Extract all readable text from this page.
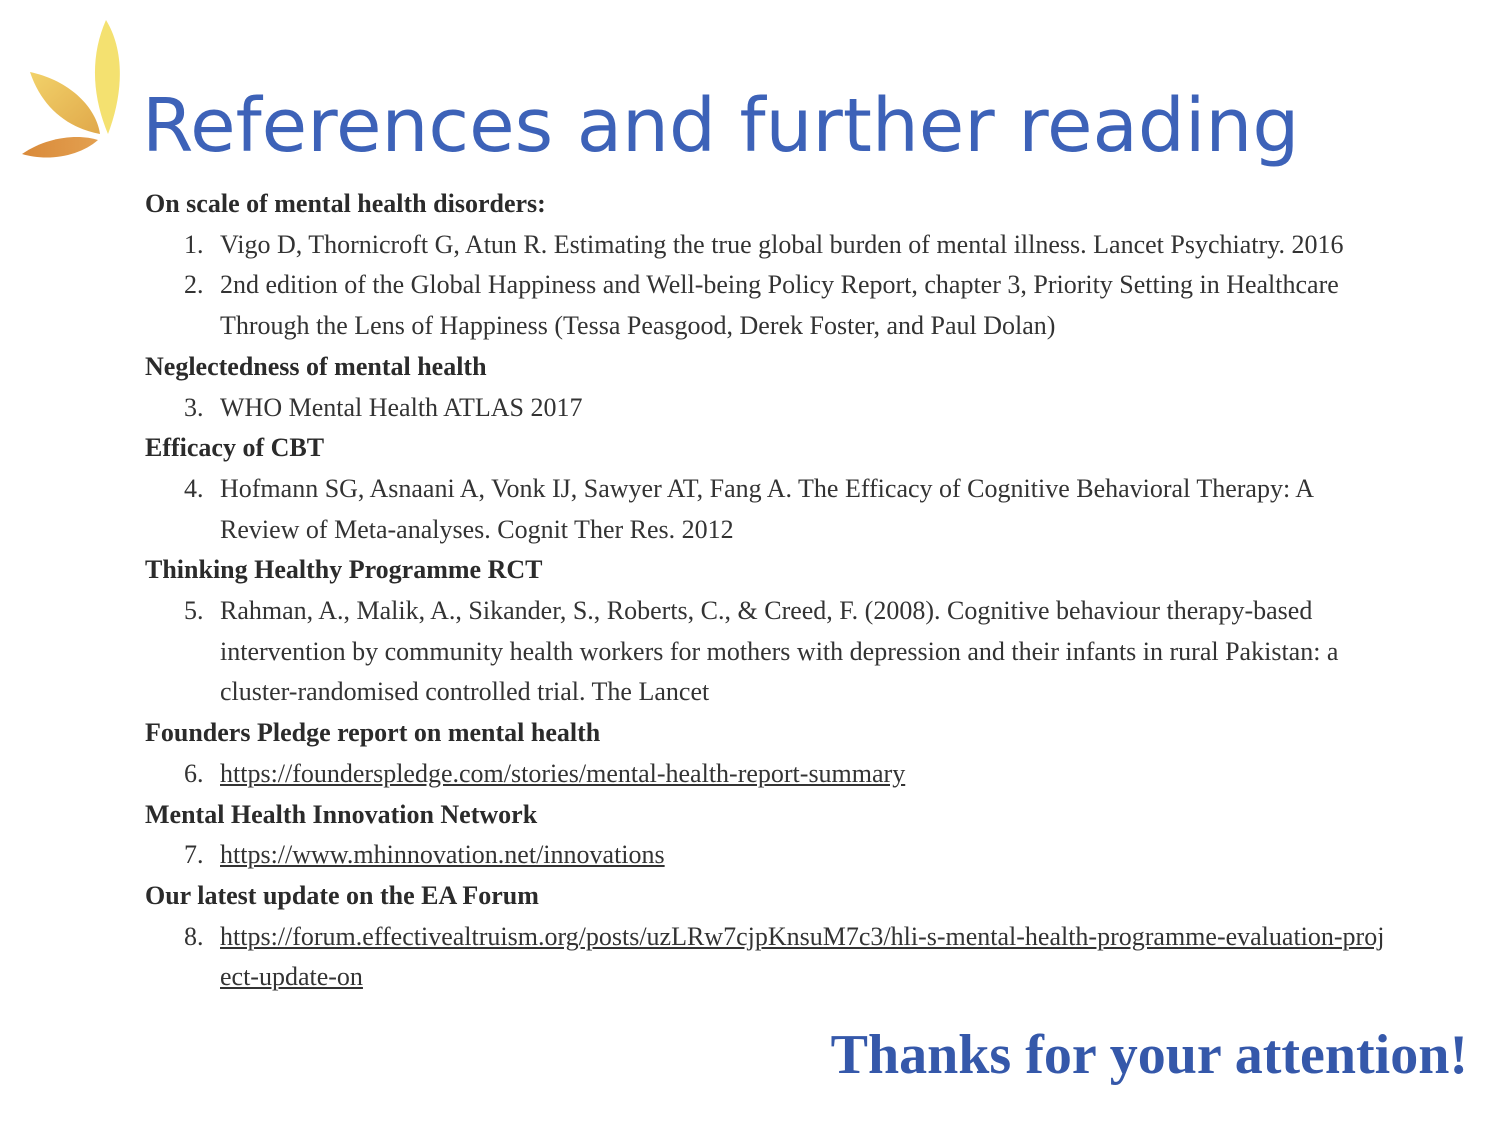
References and further reading
On scale of mental health disorders:
1. Vigo D, Thornicroft G, Atun R. Estimating the true global burden of mental illness. Lancet Psychiatry. 2016
2. 2nd edition of the Global Happiness and Well-being Policy Report, chapter 3, Priority Setting in Healthcare Through the Lens of Happiness (Tessa Peasgood, Derek Foster, and Paul Dolan)
Neglectedness of mental health
3. WHO Mental Health ATLAS 2017
Efficacy of CBT
4. Hofmann SG, Asnaani A, Vonk IJ, Sawyer AT, Fang A. The Efficacy of Cognitive Behavioral Therapy: A Review of Meta-analyses. Cognit Ther Res. 2012
Thinking Healthy Programme RCT
5. Rahman, A., Malik, A., Sikander, S., Roberts, C., & Creed, F. (2008). Cognitive behaviour therapy-based intervention by community health workers for mothers with depression and their infants in rural Pakistan: a cluster-randomised controlled trial. The Lancet
Founders Pledge report on mental health
6. https://founderspledge.com/stories/mental-health-report-summary
Mental Health Innovation Network
7. https://www.mhinnovation.net/innovations
Our latest update on the EA Forum
8. https://forum.effectivealtruism.org/posts/uzLRw7cjpKnsuM7c3/hli-s-mental-health-programme-evaluation-project-update-on
Thanks for your attention!
